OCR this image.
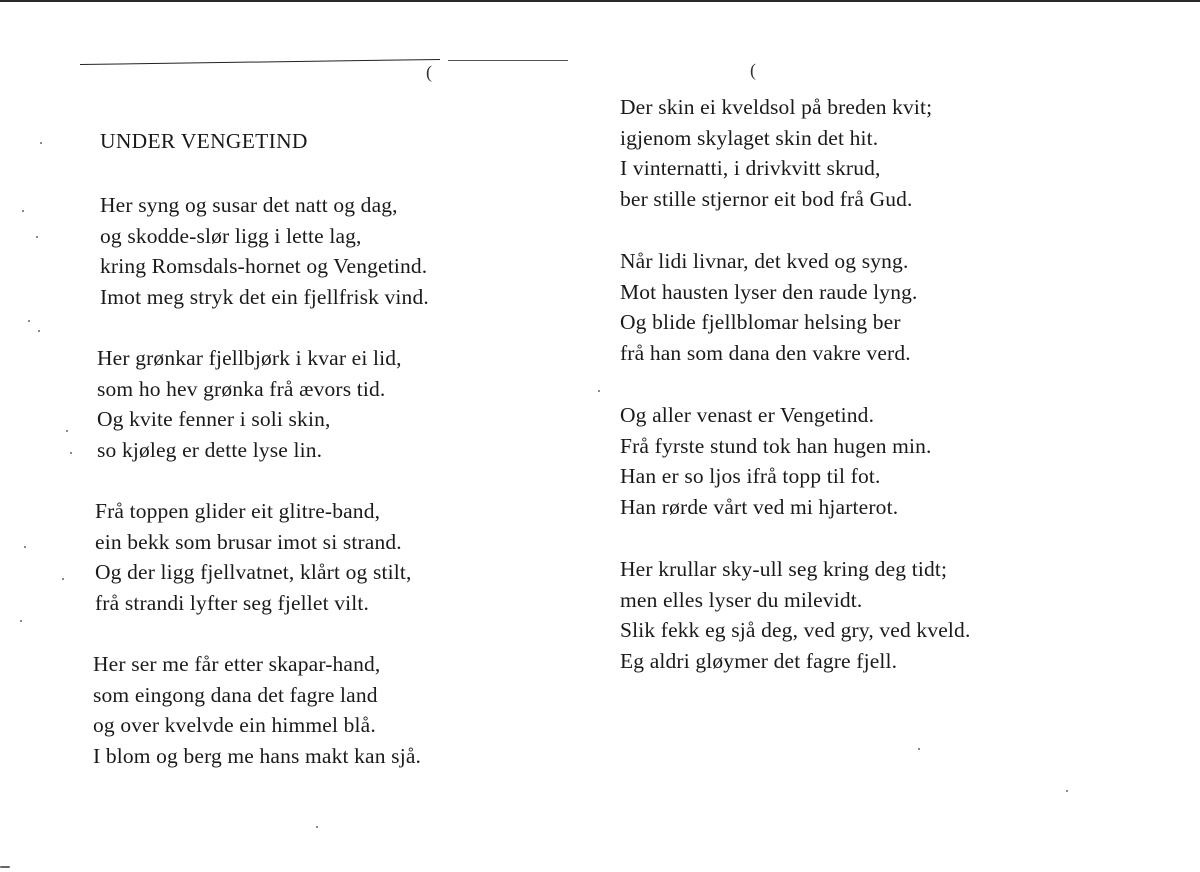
(	(
UNDER VENGETIND
Her syng og susar det natt og dag,
og skodde-slør ligg i lette lag,
kring Romsdals-hornet og Vengetind.
Imot meg stryk det ein fjellfrisk vind.
Her grønkar fjellbjørk i kvar ei lid,
som ho hev grønka frå ævors tid.
Og kvite fenner i soli skin,
so kjøleg er dette lyse lin.
Frå toppen glider eit glitre-band,
ein bekk som brusar imot si strand.
Og der ligg fjellvatnet, klårt og stilt,
frå strandi lyfter seg fjellet vilt.
Her ser me får etter skapar-hand,
som eingong dana det fagre land
og over kvelvde ein himmel blå.
I blom og berg me hans makt kan sjå.
Der skin ei kveldsol på breden kvit;
igjenom skylaget skin det hit.
I vinternatti, i drivkvitt skrud,
ber stille stjernor eit bod frå Gud.
Når lidi livnar, det kved og syng.
Mot hausten lyser den raude lyng.
Og blide fjellblomar helsing ber
frå han som dana den vakre verd.
Og aller venast er Vengetind.
Frå fyrste stund tok han hugen min.
Han er so ljos ifrå topp til fot.
Han rørde vårt ved mi hjarterot.
Her krullar sky-ull seg kring deg tidt;
men elles lyser du milevidt.
Slik fekk eg sjå deg, ved gry, ved kveld.
Eg aldri gløymer det fagre fjell.
